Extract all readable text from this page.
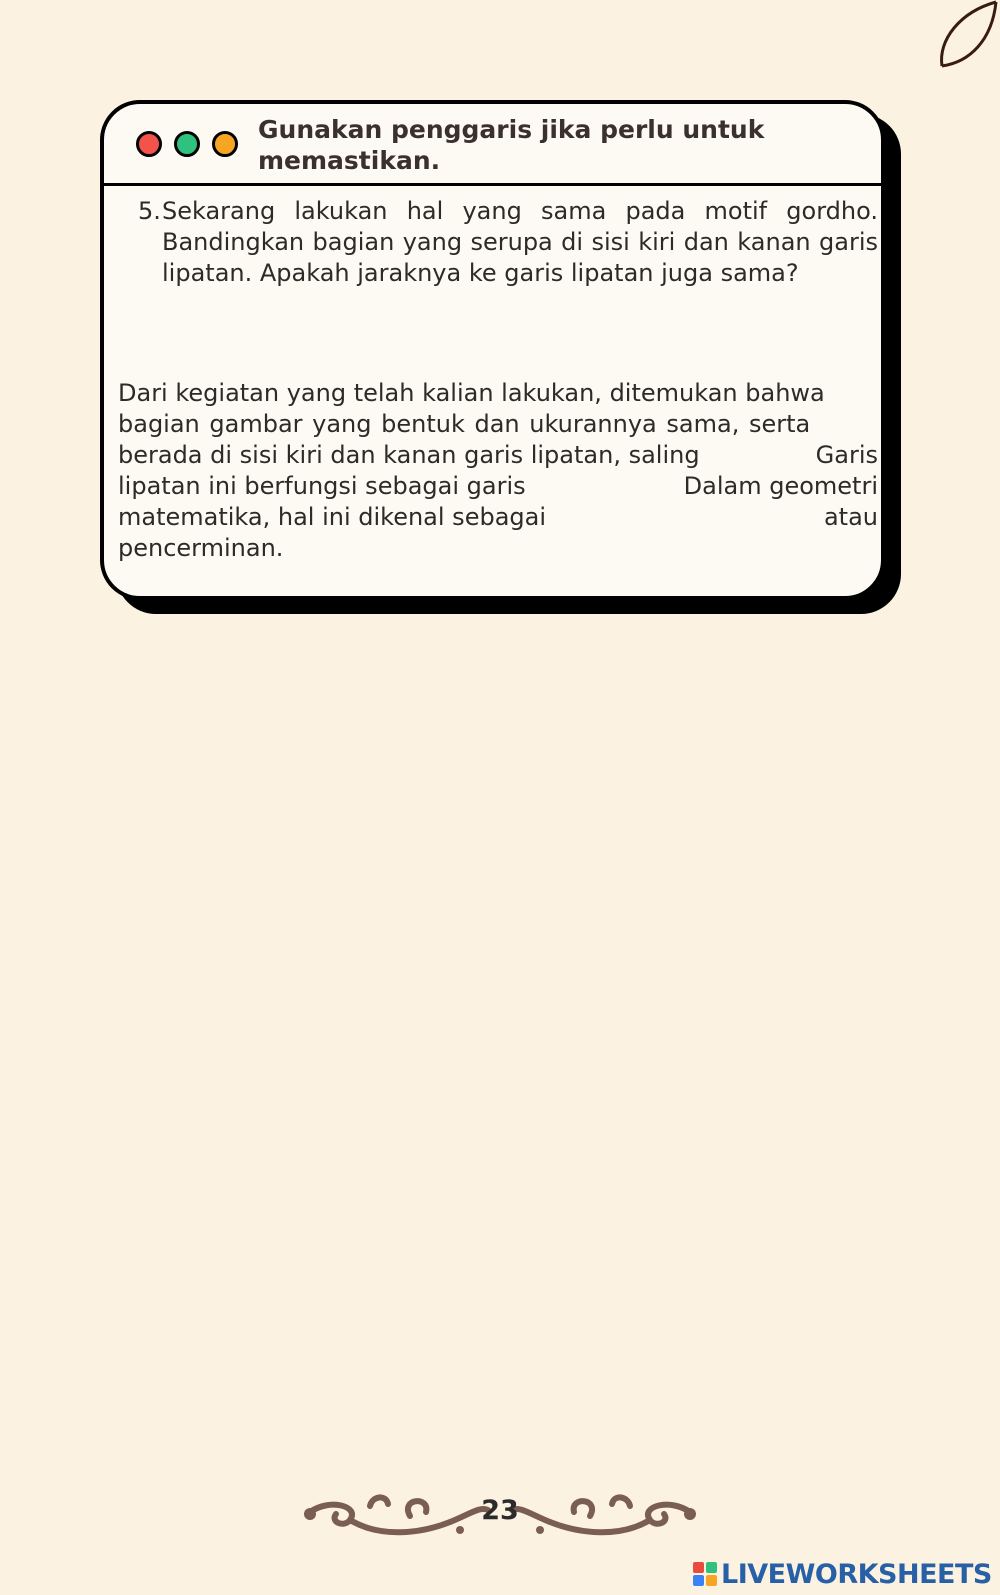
Gunakan penggaris jika perlu untuk memastikan.
5. Sekarang lakukan hal yang sama pada motif gordho. Bandingkan bagian yang serupa di sisi kiri dan kanan garis lipatan. Apakah jaraknya ke garis lipatan juga sama?
Dari kegiatan yang telah kalian lakukan, ditemukan bahwa
bagian gambar yang bentuk dan ukurannya sama, serta
berada di sisi kiri dan kanan garis lipatan, saling	Garis
lipatan ini berfungsi sebagai garis	Dalam geometri
matematika, hal ini dikenal sebagai	atau
pencerminan.
23
LIVEWORKSHEETS
